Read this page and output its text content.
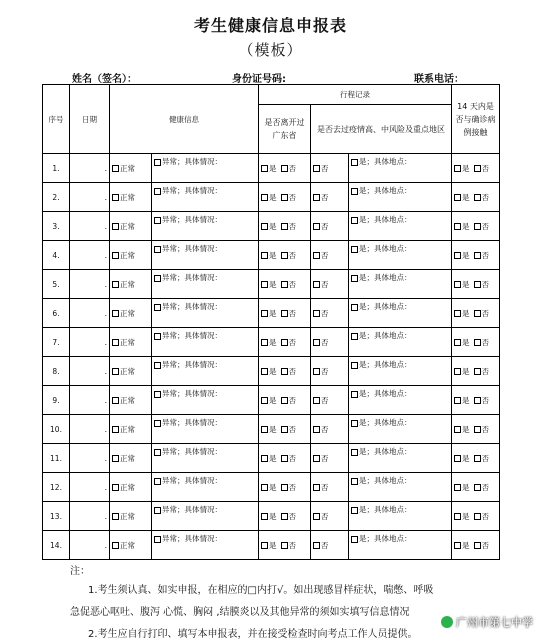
考生健康信息申报表
（模板）
姓名（签名）：	身份证号码:	联系电话：
序号	日期	健康信息		行程记录			14 天内是否与确诊病例接触
				是否离开过广东省	是否去过疫情高、中风险及重点地区		
1.	.	正常	异常；具体情况：	是 否	否	是；具体地点：	是 否
2.	.	正常	异常；具体情况：	是 否	否	是；具体地点：	是 否
3.	.	正常	异常；具体情况：	是 否	否	是；具体地点：	是 否
4.	.	正常	异常；具体情况：	是 否	否	是；具体地点：	是 否
5.	.	正常	异常；具体情况：	是 否	否	是；具体地点：	是 否
6.	.	正常	异常；具体情况：	是 否	否	是；具体地点：	是 否
7.	.	正常	异常；具体情况：	是 否	否	是；具体地点：	是 否
8.	.	正常	异常；具体情况：	是 否	否	是；具体地点：	是 否
9.	.	正常	异常；具体情况：	是 否	否	是；具体地点：	是 否
10.	.	正常	异常；具体情况：	是 否	否	是；具体地点：	是 否
11.	.	正常	异常；具体情况：	是 否	否	是；具体地点：	是 否
12.	.	正常	异常；具体情况：	是 否	否	是；具体地点：	是 否
13.	.	正常	异常；具体情况：	是 否	否	是；具体地点：	是 否
14.	.	正常	异常；具体情况：	是 否	否	是；具体地点：	是 否
注：
1.考生须认真、如实申报，在相应的□内打√。如出现感冒样症状，喘憋、呼吸
急促恶心呕吐、腹泻 心慌、胸闷 ,结膜炎以及其他异常的须如实填写信息情况
2.考生应自行打印、填写本申报表，并在接受检查时向考点工作人员提供。
广州市第七中学
